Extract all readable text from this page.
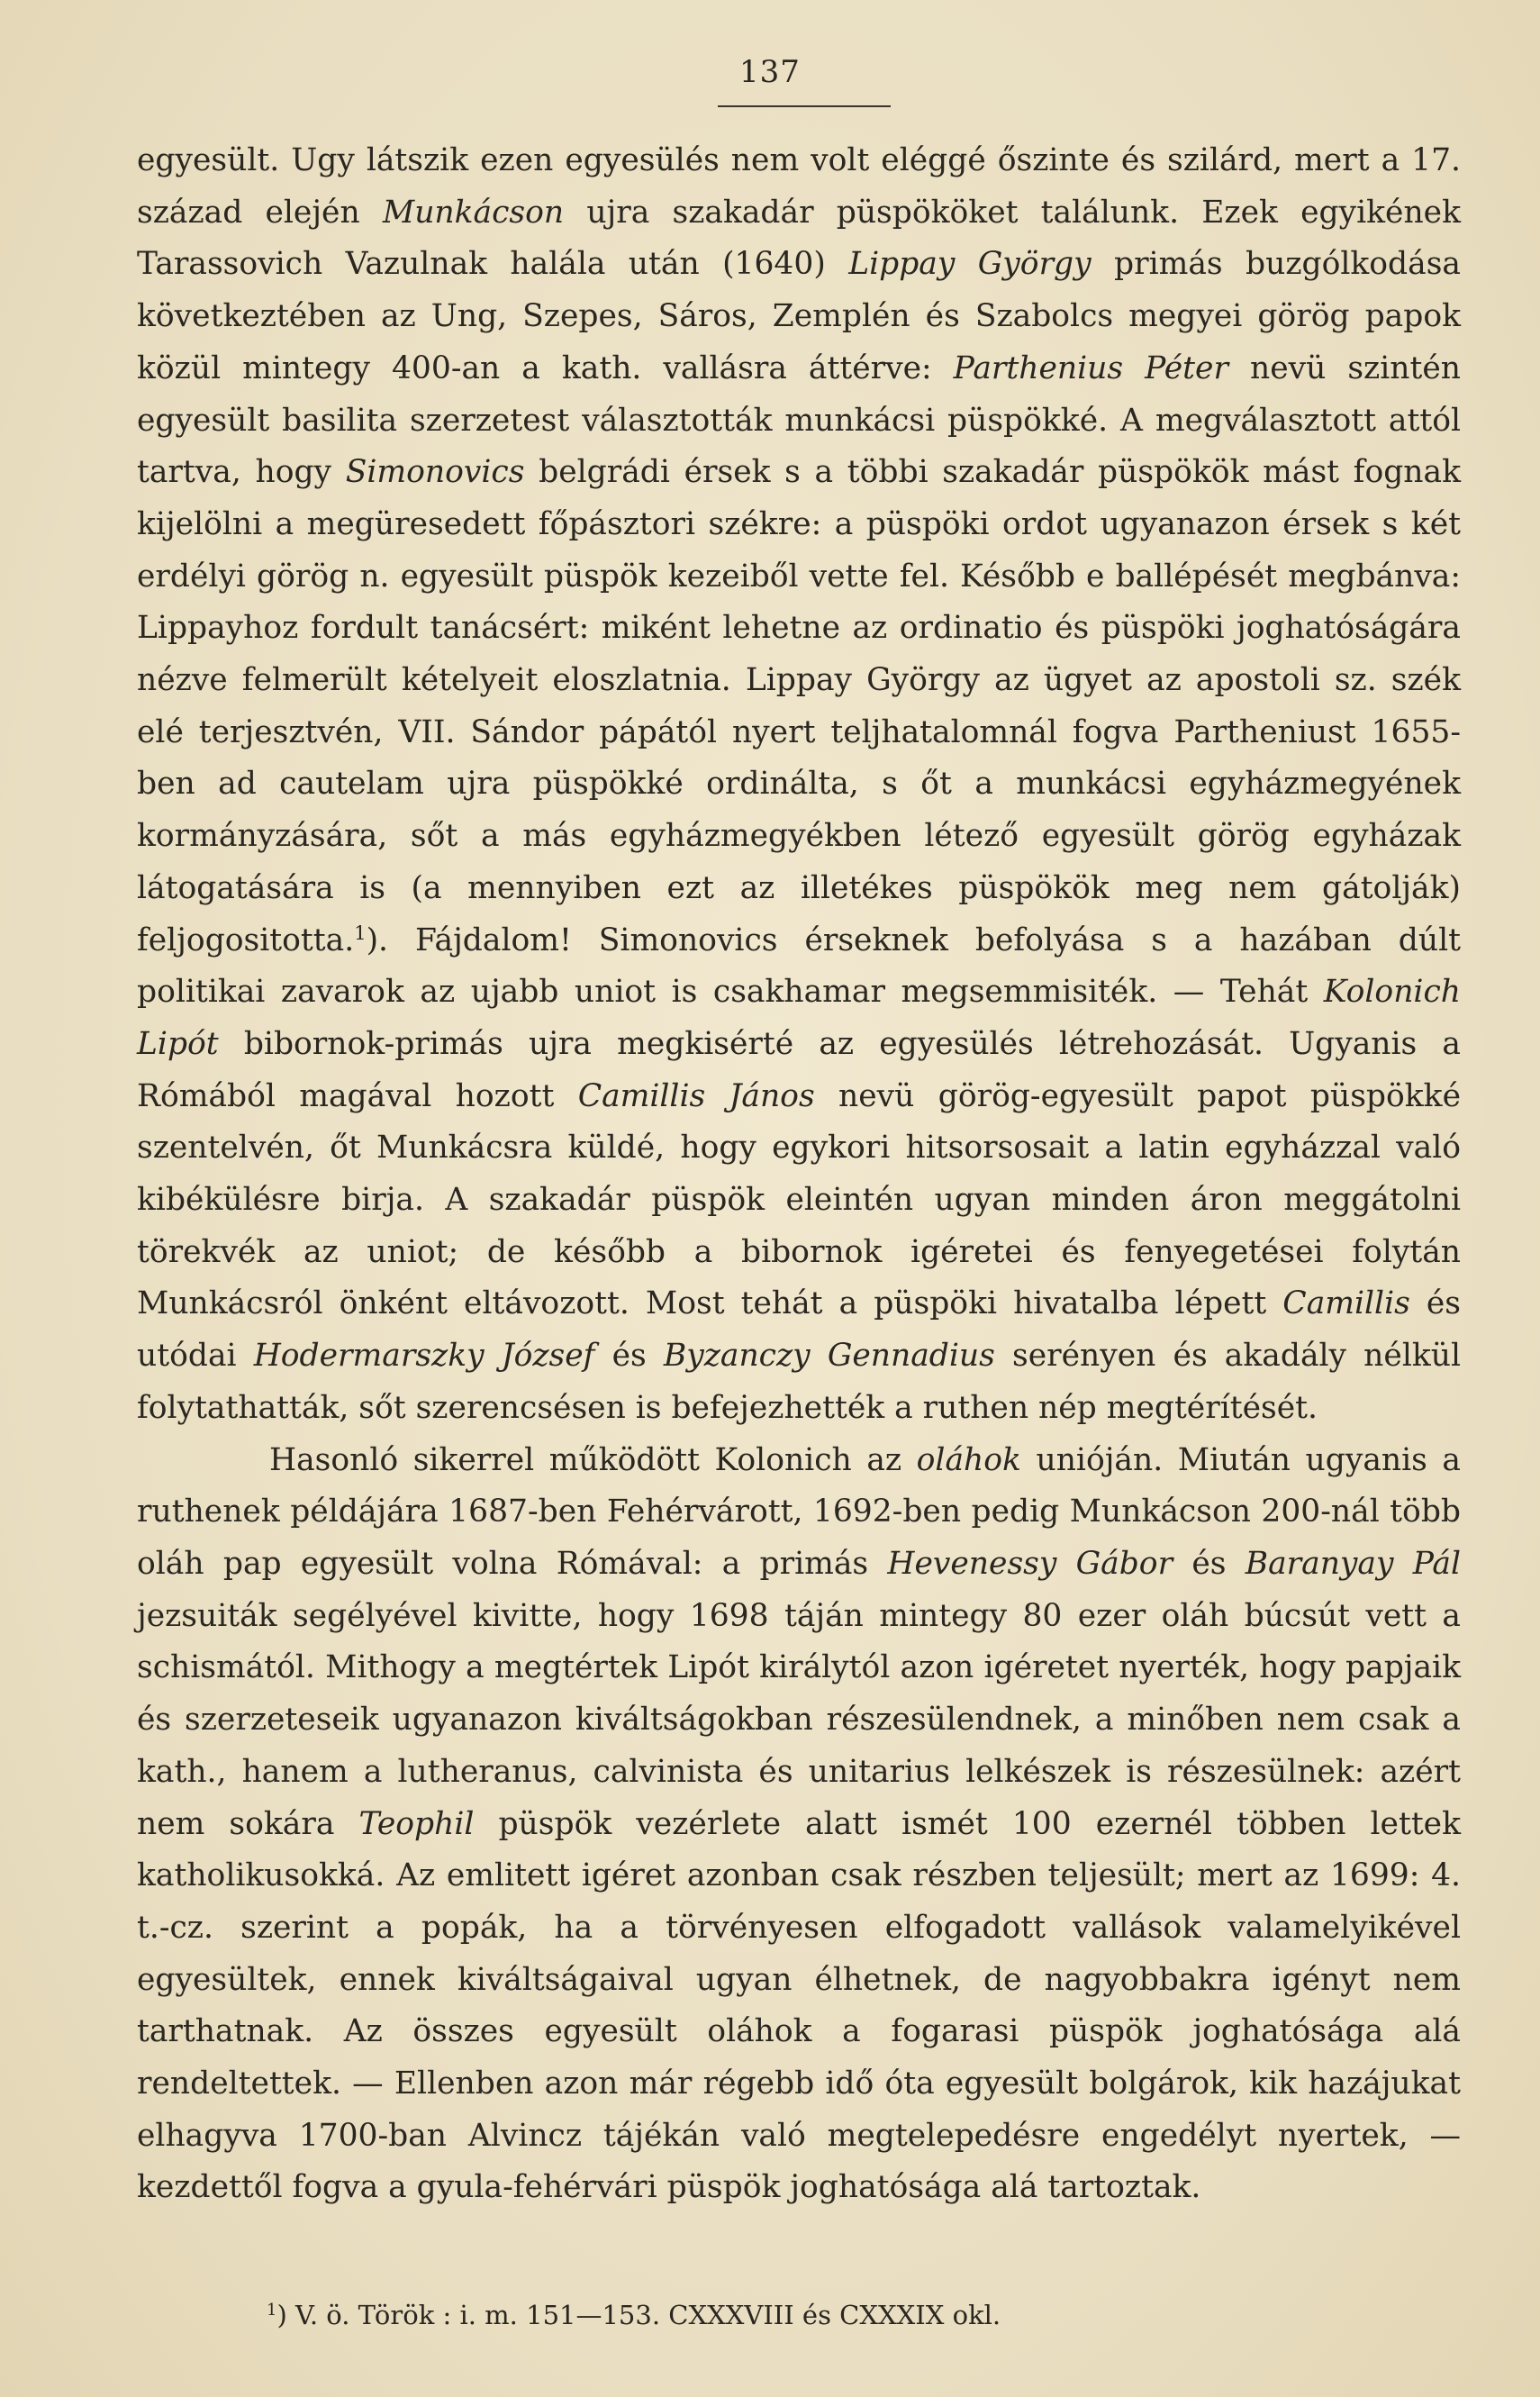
137

egyesült. Ugy látszik ezen egyesülés nem volt eléggé őszinte és szilárd, mert a 17. század elején Munkácson ujra szakadár püspököket találunk. Ezek egyikének Tarassovich Vazulnak halála után (1640) Lippay György primás buzgólkodása következtében az Ung, Szepes, Sáros, Zemplén és Szabolcs megyei görög papok közül mintegy 400-an a kath. vallásra áttérve: Parthenius Péter nevü szintén egyesült basilita szerzetest választották munkácsi püspökké. A megválasztott attól tartva, hogy Simonovics belgrádi érsek s a többi szakadár püspökök mást fognak kijelölni a megüresedett főpásztori székre: a püspöki ordot ugyanazon érsek s két erdélyi görög n. egyesült püspök kezeiből vette fel. Később e ballépését megbánva: Lippayhoz fordult tanácsért: miként lehetne az ordinatio és püspöki joghatóságára nézve felmerült kételyeit eloszlatnia. Lippay György az ügyet az apostoli sz. szék elé terjesztvén, VII. Sándor pápától nyert teljhatalomnál fogva Partheniust 1655-ben ad cautelam ujra püspökké ordinálta, s őt a munkácsi egyházmegyének kormányzására, sőt a más egyházmegyékben létező egyesült görög egyházak látogatására is (a mennyiben ezt az illetékes püspökök meg nem gátolják) feljogositotta.$^1$). Fájdalom! Simonovics érseknek befolyása s a hazában dúlt politikai zavarok az ujabb uniot is csakhamar megsemmisiték. — Tehát Kolonich Lipót bibornok-primás ujra megkisérté az egyesülés létrehozását. Ugyanis a Rómából magával hozott Camillis János nevü görög-egyesült papot püspökké szentelvén, őt Munkácsra küldé, hogy egykori hitsorsosait a latin egyházzal való kibékülésre birja. A szakadár püspök eleintén ugyan minden áron meggátolni törekvék az uniot; de később a bibornok igéretei és fenyegetései folytán Munkácsról önként eltávozott. Most tehát a püspöki hivatalba lépett Camillis és utódai Hodermarszky József és Byzanczy Gennadius serényen és akadály nélkül folytathatták, sőt szerencsésen is befejezhették a ruthen nép megtérítését.

Hasonló sikerrel működött Kolonich az oláhok unióján. Miután ugyanis a ruthenek példájára 1687-ben Fehérvárott, 1692-ben pedig Munkácson 200-nál több oláh pap egyesült volna Rómával: a primás Hevenessy Gábor és Baranyay Pál jezsuiták segélyével kivitte, hogy 1698 táján mintegy 80 ezer oláh búcsút vett a schismától. Mithogy a megtértek Lipót királytól azon igéretet nyerték, hogy papjaik és szerzeteseik ugyanazon kiváltságokban részesülendnek, a minőben nem csak a kath., hanem a lutheranus, calvinista és unitarius lelkészek is részesülnek: azért nem sokára Teophil püspök vezérlete alatt ismét 100 ezernél többen lettek katholikusokká. Az emlitett igéret azonban csak részben teljesült; mert az 1699: 4. t.-cz. szerint a popák, ha a törvényesen elfogadott vallások valamelyikével egyesültek, ennek kiváltságaival ugyan élhetnek, de nagyobbakra igényt nem tarthatnak. Az összes egyesült oláhok a fogarasi püspök joghatósága alá rendeltettek. — Ellenben azon már régebb idő óta egyesült bolgárok, kik hazájukat elhagyva 1700-ban Alvincz tájékán való megtelepedésre engedélyt nyertek, — kezdettől fogva a gyula-fehérvári püspök joghatósága alá tartoztak.

$^1$) V. ö. Török : i. m. 151—153. CXXXVIII és CXXXIX okl.
